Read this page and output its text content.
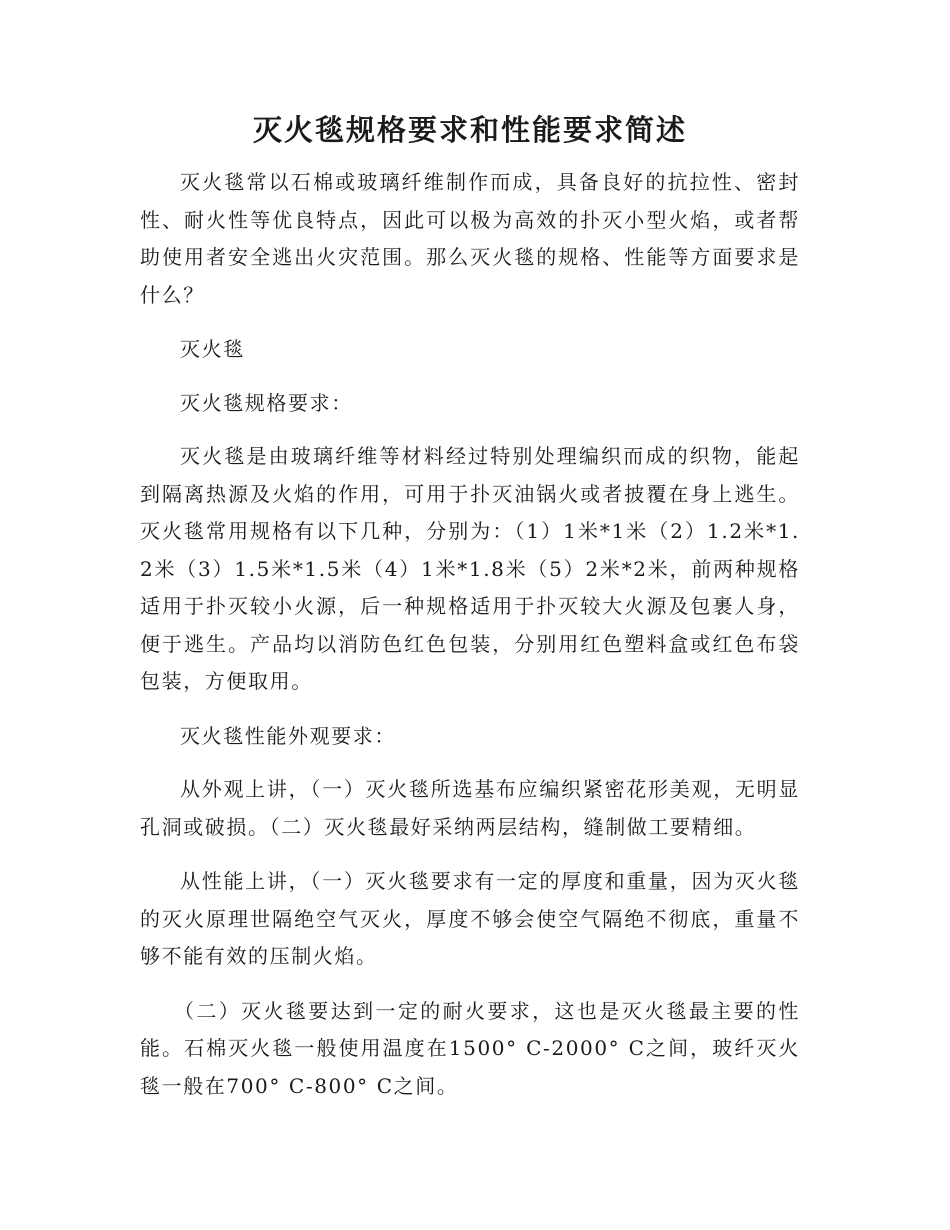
灭火毯规格要求和性能要求简述

灭火毯常以石棉或玻璃纤维制作而成，具备良好的抗拉性、密封性、耐火性等优良特点，因此可以极为高效的扑灭小型火焰，或者帮助使用者安全逃出火灾范围。那么灭火毯的规格、性能等方面要求是什么？

灭火毯

灭火毯规格要求：

灭火毯是由玻璃纤维等材料经过特别处理编织而成的织物，能起到隔离热源及火焰的作用，可用于扑灭油锅火或者披覆在身上逃生。灭火毯常用规格有以下几种，分别为：（1）1米*1米（2）1.2米*1.2米（3）1.5米*1.5米（4）1米*1.8米（5）2米*2米，前两种规格适用于扑灭较小火源，后一种规格适用于扑灭较大火源及包裹人身，便于逃生。产品均以消防色红色包装，分别用红色塑料盒或红色布袋包装，方便取用。

灭火毯性能外观要求：

从外观上讲，（一）灭火毯所选基布应编织紧密花形美观，无明显孔洞或破损。（二）灭火毯最好采纳两层结构，缝制做工要精细。

从性能上讲，（一）灭火毯要求有一定的厚度和重量，因为灭火毯的灭火原理世隔绝空气灭火，厚度不够会使空气隔绝不彻底，重量不够不能有效的压制火焰。

（二）灭火毯要达到一定的耐火要求，这也是灭火毯最主要的性能。石棉灭火毯一般使用温度在1500° C-2000° C之间，玻纤灭火毯一般在700° C-800° C之间。
